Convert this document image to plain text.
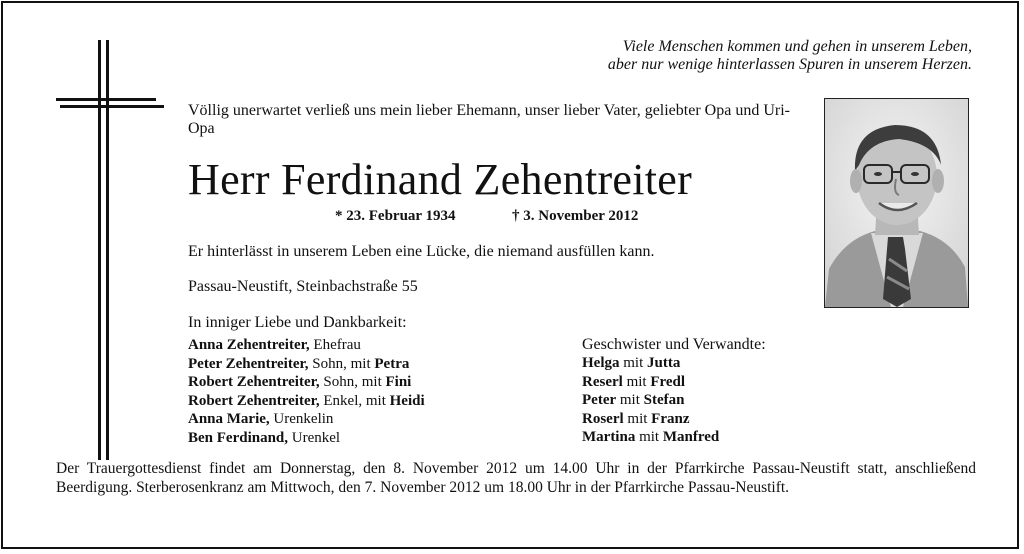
Viele Menschen kommen und gehen in unserem Leben,
aber nur wenige hinterlassen Spuren in unserem Herzen.
Völlig unerwartet verließ uns mein lieber Ehemann, unser lieber Vater, geliebter Opa und Uri-Opa
Herr Ferdinand Zehentreiter
* 23. Februar 1934	† 3. November 2012
Er hinterlässt in unserem Leben eine Lücke, die niemand ausfüllen kann.
Passau-Neustift, Steinbachstraße 55
In inniger Liebe und Dankbarkeit:
Anna Zehentreiter, Ehefrau
Peter Zehentreiter, Sohn, mit Petra
Robert Zehentreiter, Sohn, mit Fini
Robert Zehentreiter, Enkel, mit Heidi
Anna Marie, Urenkelin
Ben Ferdinand, Urenkel
Geschwister und Verwandte:
Helga mit Jutta
Reserl mit Fredl
Peter mit Stefan
Roserl mit Franz
Martina mit Manfred
Der Trauergottesdienst findet am Donnerstag, den 8. November 2012 um 14.00 Uhr in der Pfarrkirche Passau-Neustift statt, anschließend Beerdigung. Sterberosenkranz am Mittwoch, den 7. November 2012 um 18.00 Uhr in der Pfarrkirche Passau-Neustift.
